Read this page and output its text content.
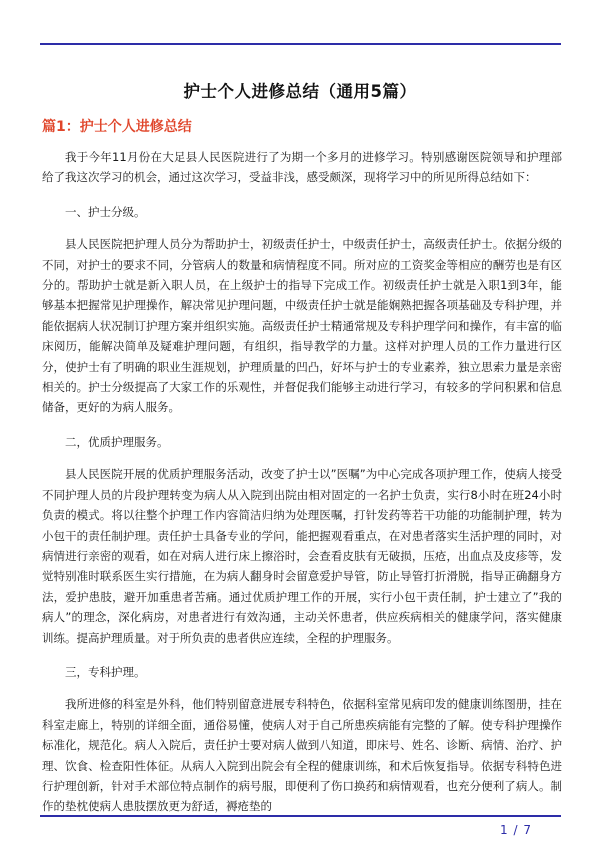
护士个人进修总结（通用5篇）
篇1：护士个人进修总结

我于今年11月份在大足县人民医院进行了为期一个多月的进修学习。特别感谢医院领导和护理部给了我这次学习的机会，通过这次学习，受益非浅，感受颇深，现将学习中的所见所得总结如下：

一、护士分级。

县人民医院把护理人员分为帮助护士，初级责任护士，中级责任护士，高级责任护士。依据分级的不同，对护士的要求不同，分管病人的数量和病情程度不同。所对应的工资奖金等相应的酬劳也是有区分的。帮助护士就是新入职人员，在上级护士的指导下完成工作。初级责任护士就是入职1到3年，能够基本把握常见护理操作，解决常见护理问题，中级责任护士就是能娴熟把握各项基础及专科护理，并能依据病人状况制订护理方案并组织实施。高级责任护士精通常规及专科护理学问和操作，有丰富的临床阅历，能解决简单及疑难护理问题，有组织，指导教学的力量。这样对护理人员的工作力量进行区分，使护士有了明确的职业生涯规划，护理质量的凹凸，好坏与护士的专业素养，独立思索力量是亲密相关的。护士分级提高了大家工作的乐观性，并督促我们能够主动进行学习，有较多的学问积累和信息储备，更好的为病人服务。

二，优质护理服务。

县人民医院开展的优质护理服务活动，改变了护士以”医嘱”为中心完成各项护理工作，使病人接受不同护理人员的片段护理转变为病人从入院到出院由相对固定的一名护士负责，实行8小时在班24小时负责的模式。将以往整个护理工作内容简洁归纳为处理医嘱，打针发药等若干功能的功能制护理，转为小包干的责任制护理。责任护士具备专业的学问，能把握观看重点，在对患者落实生活护理的同时，对病情进行亲密的观看，如在对病人进行床上擦浴时，会查看皮肤有无破损，压疮，出血点及皮疹等，发觉特别准时联系医生实行措施，在为病人翻身时会留意爱护导管，防止导管打折滑脱，指导正确翻身方法，爱护患肢，避开加重患者苦痛。通过优质护理工作的开展，实行小包干责任制，护士建立了”我的病人”的理念，深化病房，对患者进行有效沟通，主动关怀患者，供应疾病相关的健康学问，落实健康训练。提高护理质量。对于所负责的患者供应连续，全程的护理服务。

三，专科护理。

我所进修的科室是外科，他们特别留意进展专科特色，依据科室常见病印发的健康训练图册，挂在科室走廊上，特别的详细全面，通俗易懂，使病人对于自己所患疾病能有完整的了解。使专科护理操作标准化，规范化。病人入院后，责任护士要对病人做到八知道，即床号、姓名、诊断、病情、治疗、护理、饮食、检查阳性体征。从病人入院到出院会有全程的健康训练，和术后恢复指导。依据专科特色进行护理创新，针对手术部位特点制作的病号服，即便利了伤口换药和病情观看，也充分便利了病人。制作的垫枕使病人患肢摆放更为舒适，褥疮垫的

1 / 7
